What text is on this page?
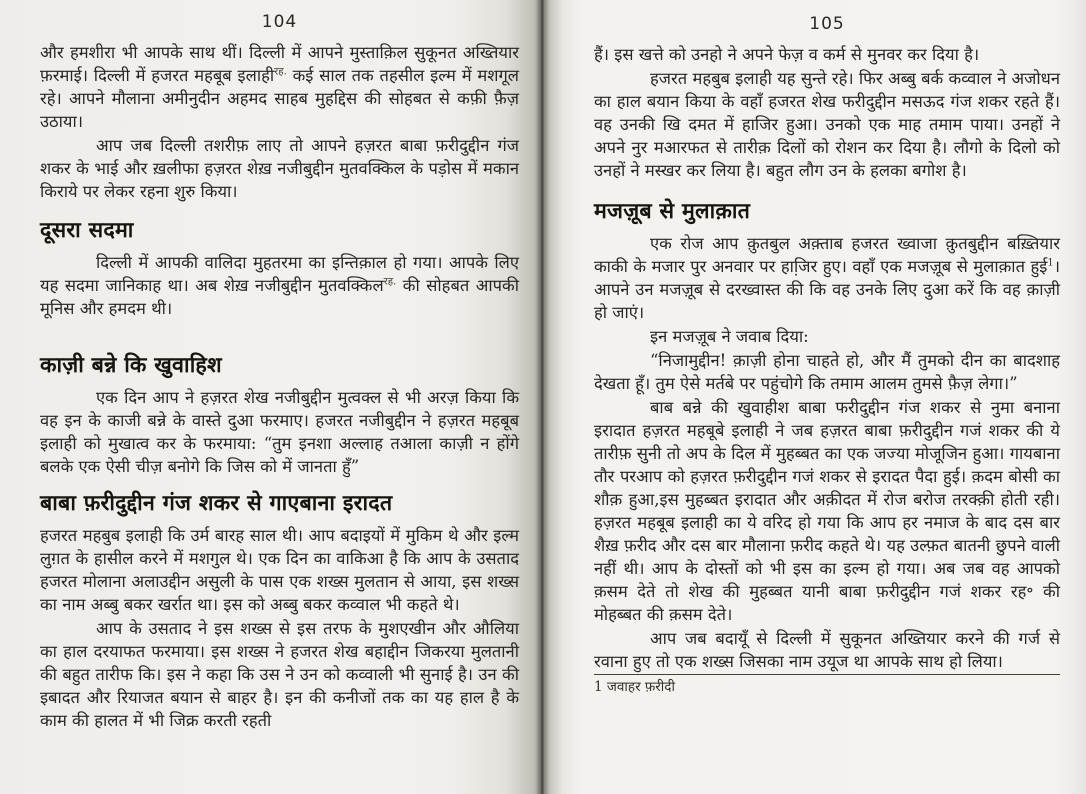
104

और हमशीरा भी आपके साथ थीं। दिल्ली में आपने मुस्ताक़िल सुकूनत अख्तियार फ़रमाई। दिल्ली में हजरत महबूब इलाही$^{रह.}$ कई साल तक तहसील इल्म में मशगूल रहे। आपने मौलाना अमीनुदीन अहमद साहब मुहद्दिस की सोहबत से कफ़ी फ़ैज़ उठाया।

आप जब दिल्ली तशरीफ़ लाए तो आपने हज़रत बाबा फ़रीदुद्दीन गंज शकर के भाई और ख़लीफा हज़रत शेख़ नजीबुद्दीन मुतवक्किल के पड़ोस में मकान किराये पर लेकर रहना शुरु किया।

दूसरा सदमा

दिल्ली में आपकी वालिदा मुहतरमा का इन्तिक़ाल हो गया। आपके लिए यह सदमा जानिकाह था। अब शेख़ नजीबुद्दीन मुतवक्किल$^{रह.}$ की सोहबत आपकी मूनिस और हमदम थी।

काज़ी बन्ने कि खुवाहिश

एक दिन आप ने हज़रत शेख नजीबुद्दीन मुत्वक्ल से भी अरज़ किया कि वह इन के काजी बन्ने के वास्ते दुआ फरमाए। हजरत नजीबुद्दीन ने हज़रत महबूब इलाही को मुखात्व कर के फरमाया: “तुम इनशा अल्लाह तआला काज़ी न होंगे बलके एक ऐसी चीज़ बनोगे कि जिस को में जानता हुँ”

बाबा फ़रीदुद्दीन गंज शकर से गाएबाना इरादत

हजरत महबुब इलाही कि उर्म बारह साल थी। आप बदाइयों में मुकिम थे और इल्म लुग़त के हासील करने में मशगुल थे। एक दिन का वाकिआ है कि आप के उसताद हजरत मोलाना अलाउद्दीन असुली के पास एक शख्स मुलतान से आया, इस शख्स का नाम अब्बु बकर खर्रात था। इस को अब्बु बकर कव्वाल भी कहते थे।

आप के उसताद ने इस शख्स से इस तरफ के मुशएखीन और औलिया का हाल दरयाफत फरमाया। इस शख्स ने हजरत शेख बहाद्दीन जिकरया मुलतानी की बहुत तारीफ कि। इस ने कहा कि उस ने उन को कव्वाली भी सुनाई है। उन की इबादत और रियाजत बयान से बाहर है। इन की कनीजों तक का यह हाल है के काम की हालत में भी जिक्र करती रहती

105

हैं। इस खत्ते को उनहो ने अपने फेज़ व कर्म से मुनवर कर दिया है।

हजरत महबुब इलाही यह सुन्ते रहे। फिर अब्बु बर्क कव्वाल ने अजोधन का हाल बयान किया के वहाँ हजरत शेख फरीदुद्दीन मसऊद गंज शकर रहते हैं। वह उनकी खि दमत में हाजिर हुआ। उनको एक माह तमाम पाया। उनहों ने अपने नुर मआरफत से तारीक़ दिलों को रोशन कर दिया है। लौगो के दिलो को उनहों ने मस्खर कर लिया है। बहुत लौग उन के हलका बगोश है।

मजज़ूब से मुलाक़ात

एक रोज आप क़ुतबुल अक़्ताब हजरत ख्वाजा क़ुतबुद्दीन बख़्तियार काकी के मजार पुर अनवार पर हाजि़र हुए। वहाँ एक मजज़ूब से मुलाक़ात हुई$^1$। आपने उन मजज़ूब से दरख्वास्त की कि वह उनके लिए दुआ करें कि वह क़ाज़ी हो जाएं।

इन मजज़ूब ने जवाब दिया:

“निजामुद्दीन! क़ाज़ी होना चाहते हो, और मैं तुमको दीन का बादशाह देखता हूँ। तुम ऐसे मर्तबे पर पहुंचोगे कि तमाम आलम तुमसे फ़ैज़ लेगा।”

बाब बन्ने की खुवाहीश बाबा फरीदुद्दीन गंज शकर से नुमा बनाना इरादात हज़रत महबूबे इलाही ने जब हज़रत बाबा फ़रीदुद्दीन गजं शकर की ये तारीफ़ सुनी तो अप के दिल में मुहब्बत का एक जज्या मोजूजिन हुआ। गायबाना तौर परआप को हज़रत फ़रीदुद्दीन गजं शकर से इरादत पैदा हुई। क़दम बोसी का शौक़ हुआ,इस मुहब्बत इरादात और अक़ीदत में रोज बरोज तरक्क़ी होती रही। हज़रत महबूब इलाही का ये वरिद हो गया कि आप हर नमाज के बाद दस बार शैख़ फ़रीद और दस बार मौलाना फ़रीद कहते थे। यह उल्फ़त बातनी छुपने वाली नहीं थी। आप के दोस्तों को भी इस का इल्म हो गया। अब जब वह आपको क़सम देते तो शेख की मुहब्बत यानी बाबा फ़रीदुद्दीन गजं शकर रह॰ की मोहब्बत की क़सम देते।

आप जब बदायूँ से दिल्ली में सुकूनत अख्तियार करने की गर्ज से रवाना हुए तो एक शख्स जिसका नाम उयूज था आपके साथ हो लिया।

1 जवाहर फ़रीदी
